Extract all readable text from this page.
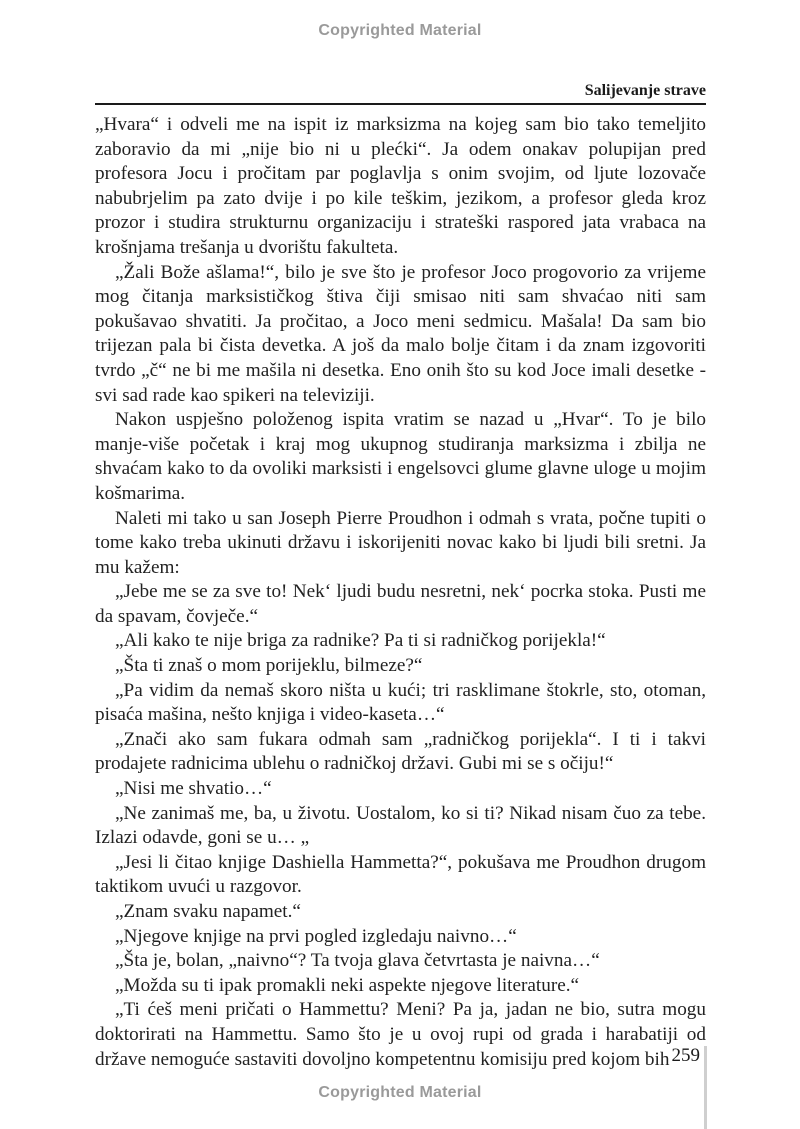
Copyrighted Material
Salijevanje strave

„Hvara“ i odveli me na ispit iz marksizma na kojeg sam bio tako temeljito zaboravio da mi „nije bio ni u plećki“. Ja odem onakav polupijan pred profesora Jocu i pročitam par poglavlja s onim svojim, od ljute lozovače nabubrjelim pa zato dvije i po kile teškim, jezikom, a profesor gleda kroz prozor i studira strukturnu organizaciju i strateški raspored jata vrabaca na krošnjama trešanja u dvorištu fakulteta.

„Žali Bože ašlama!“, bilo je sve što je profesor Joco progovorio za vrijeme mog čitanja marksističkog štiva čiji smisao niti sam shvaćao niti sam pokušavao shvatiti. Ja pročitao, a Joco meni sedmicu. Mašala! Da sam bio trijezan pala bi čista devetka. A još da malo bolje čitam i da znam izgovoriti tvrdo „č“ ne bi me mašila ni desetka. Eno onih što su kod Joce imali desetke - svi sad rade kao spikeri na televiziji.

Nakon uspješno položenog ispita vratim se nazad u „Hvar“. To je bilo manje-više početak i kraj mog ukupnog studiranja marksizma i zbilja ne shvaćam kako to da ovoliki marksisti i engelsovci glume glavne uloge u mojim košmarima.

Naleti mi tako u san Joseph Pierre Proudhon i odmah s vrata, počne tupiti o tome kako treba ukinuti državu i iskorijeniti novac kako bi ljudi bili sretni. Ja mu kažem:

„Jebe me se za sve to! Nek‘ ljudi budu nesretni, nek‘ pocrka stoka. Pusti me da spavam, čovječe.“

„Ali kako te nije briga za radnike? Pa ti si radničkog porijekla!“

„Šta ti znaš o mom porijeklu, bilmeze?“

„Pa vidim da nemaš skoro ništa u kući; tri rasklimane štokrle, sto, otoman, pisaća mašina, nešto knjiga i video-kaseta…“

„Znači ako sam fukara odmah sam „radničkog porijekla“. I ti i takvi prodajete radnicima ublehu o radničkoj državi. Gubi mi se s očiju!“

„Nisi me shvatio…“

„Ne zanimaš me, ba, u životu. Uostalom, ko si ti? Nikad nisam čuo za tebe. Izlazi odavde, goni se u… „

„Jesi li čitao knjige Dashiella Hammetta?“, pokušava me Proudhon drugom taktikom uvući u razgovor.

„Znam svaku napamet.“

„Njegove knjige na prvi pogled izgledaju naivno…“

„Šta je, bolan, „naivno“? Ta tvoja glava četvrtasta je naivna…“

„Možda su ti ipak promakli neki aspekte njegove literature.“

„Ti ćeš meni pričati o Hammettu? Meni? Pa ja, jadan ne bio, sutra mogu doktorirati na Hammettu. Samo što je u ovoj rupi od grada i harabatiji od države nemoguće sastaviti dovoljno kompetentnu komisiju pred kojom bih 259
Copyrighted Material
